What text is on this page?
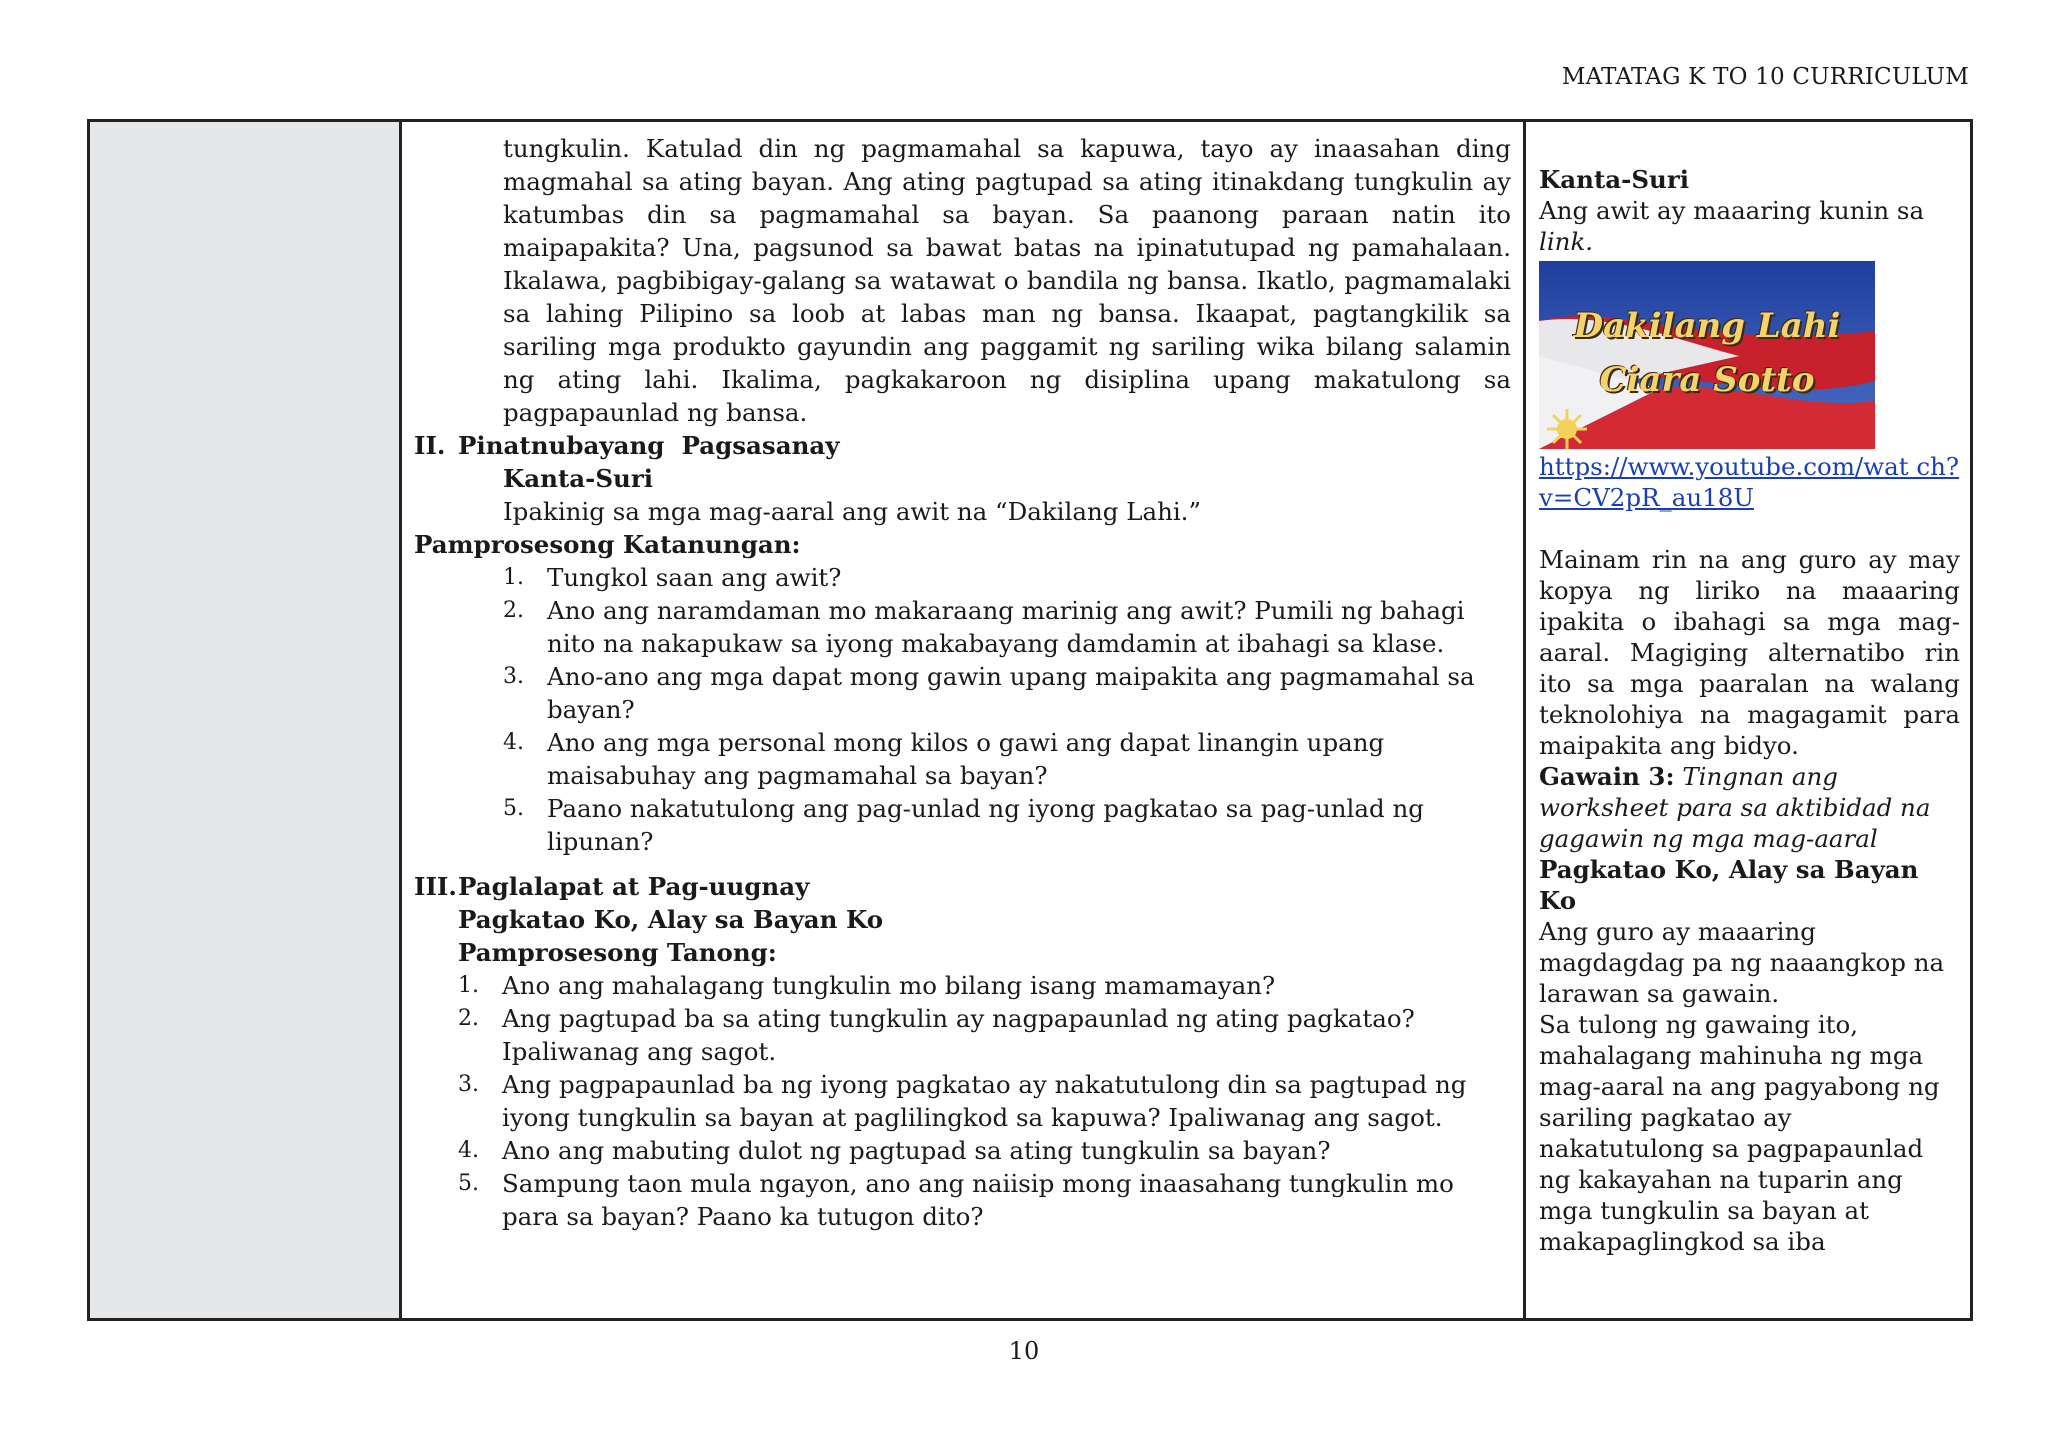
MATATAG K TO 10 CURRICULUM

tungkulin. Katulad din ng pagmamahal sa kapuwa, tayo ay inaasahan ding magmahal sa ating bayan. Ang ating pagtupad sa ating itinakdang tungkulin ay katumbas din sa pagmamahal sa bayan. Sa paanong paraan natin ito maipapakita? Una, pagsunod sa bawat batas na ipinatutupad ng pamahalaan. Ikalawa, pagbibigay-galang sa watawat o bandila ng bansa. Ikatlo, pagmamalaki sa lahing Pilipino sa loob at labas man ng bansa. Ikaapat, pagtangkilik sa sariling mga produkto gayundin ang paggamit ng sariling wika bilang salamin ng ating lahi. Ikalima, pagkakaroon ng disiplina upang makatulong sa pagpapaunlad ng bansa.

II. Pinatnubayang  Pagsasanay
Kanta-Suri
Ipakinig sa mga mag-aaral ang awit na “Dakilang Lahi.”
Pamprosesong Katanungan:
1. Tungkol saan ang awit?
2. Ano ang naramdaman mo makaraang marinig ang awit? Pumili ng bahagi nito na nakapukaw sa iyong makabayang damdamin at ibahagi sa klase.
3. Ano-ano ang mga dapat mong gawin upang maipakita ang pagmamahal sa bayan?
4. Ano ang mga personal mong kilos o gawi ang dapat linangin upang maisabuhay ang pagmamahal sa bayan?
5. Paano nakatutulong ang pag-unlad ng iyong pagkatao sa pag-unlad ng lipunan?
III. Paglalapat at Pag-uugnay
Pagkatao Ko, Alay sa Bayan Ko
Pamprosesong Tanong:
1. Ano ang mahalagang tungkulin mo bilang isang mamamayan?
2. Ang pagtupad ba sa ating tungkulin ay nagpapaunlad ng ating pagkatao? Ipaliwanag ang sagot.
3. Ang pagpapaunlad ba ng iyong pagkatao ay nakatutulong din sa pagtupad ng iyong tungkulin sa bayan at paglilingkod sa kapuwa? Ipaliwanag ang sagot.
4. Ano ang mabuting dulot ng pagtupad sa ating tungkulin sa bayan?
5. Sampung taon mula ngayon, ano ang naiisip mong inaasahang tungkulin mo para sa bayan? Paano ka tutugon dito?
Kanta-Suri
Ang awit ay maaaring kunin sa link.
Dakilang Lahi
Ciara Sotto
https://www.youtube.com/wat ch?v=CV2pR_au18U

Mainam rin na ang guro ay may kopya ng liriko na maaaring ipakita o ibahagi sa mga mag-aaral. Magiging alternatibo rin ito sa mga paaralan na walang teknolohiya na magagamit para maipakita ang bidyo.

Gawain 3: Tingnan ang worksheet para sa aktibidad na gagawin ng mga mag-aaral
Pagkatao Ko, Alay sa Bayan Ko

Ang guro ay maaaring magdagdag pa ng naaangkop na larawan sa gawain.

Sa tulong ng gawaing ito, mahalagang mahinuha ng mga mag-aaral na ang pagyabong ng sariling pagkatao ay nakatutulong sa pagpapaunlad ng kakayahan na tuparin ang mga tungkulin sa bayan at makapaglingkod sa iba

10
